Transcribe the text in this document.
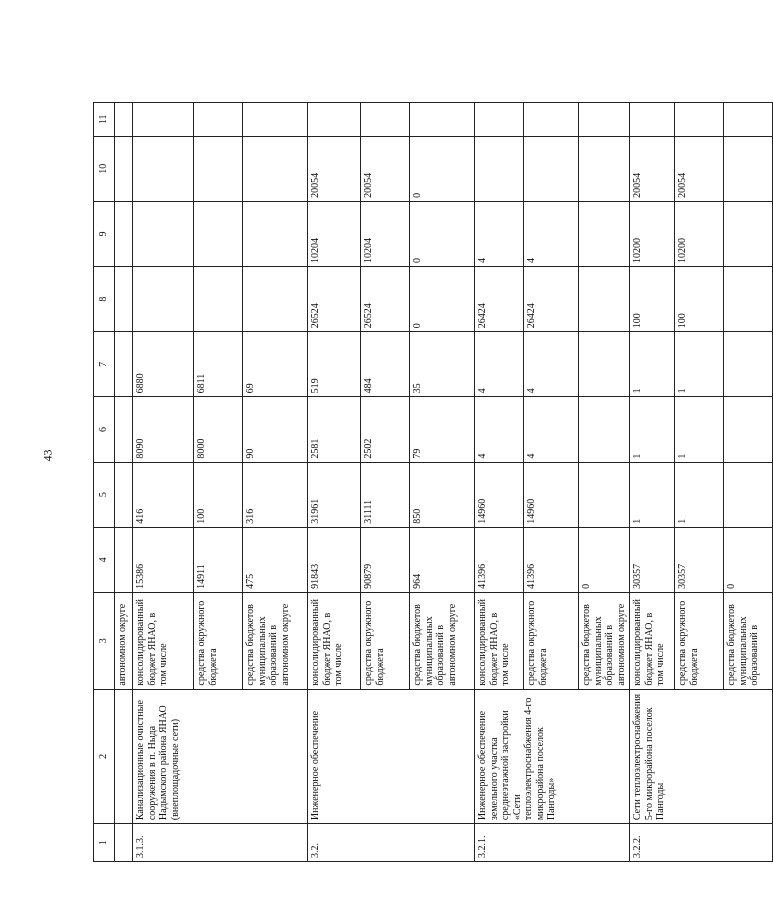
43
1	2	3	4	5	6	7	8	9	10	11
		автономном округе								
3.1.3.	Канализационные очистные сооружения в п. Ныда Надымского района ЯНАО (внеплощадочные сети)	консолидированный бюджет ЯНАО, в том числе	15386	416	8090	6880				
		средства окружного бюджета	14911	100	8000	6811				
		средства бюджетов муниципальных образований в автономном округе	475	316	90	69				
3.2.	Инженерное обеспечение	консолидированный бюджет ЯНАО, в том числе	91843	31961	2581	519	26524	10204	20054	
		средства окружного бюджета	90879	31111	2502	484	26524	10204	20054	
		средства бюджетов муниципальных образований в автономном округе	964	850	79	35	0	0	0	
3.2.1.	Инженерное обеспечение земельного участка среднеэтажной застройки «Сети теплоэлектроснабжения 4-го микрорайона поселок Пангоды»	консолидированный бюджет ЯНАО, в том числе	41396	14960	4	4	26424	4		
		средства окружного бюджета	41396	14960	4	4	26424	4		
		средства бюджетов муниципальных образований в автономном округе	0							
3.2.2.	Сети теплоэлектроснабжения 5-го микрорайона поселок Пангоды	консолидированный бюджет ЯНАО, в том числе	30357	1	1	1	100	10200	20054	
		средства окружного бюджета	30357	1	1	1	100	10200	20054	
		средства бюджетов муниципальных образований в	0							
